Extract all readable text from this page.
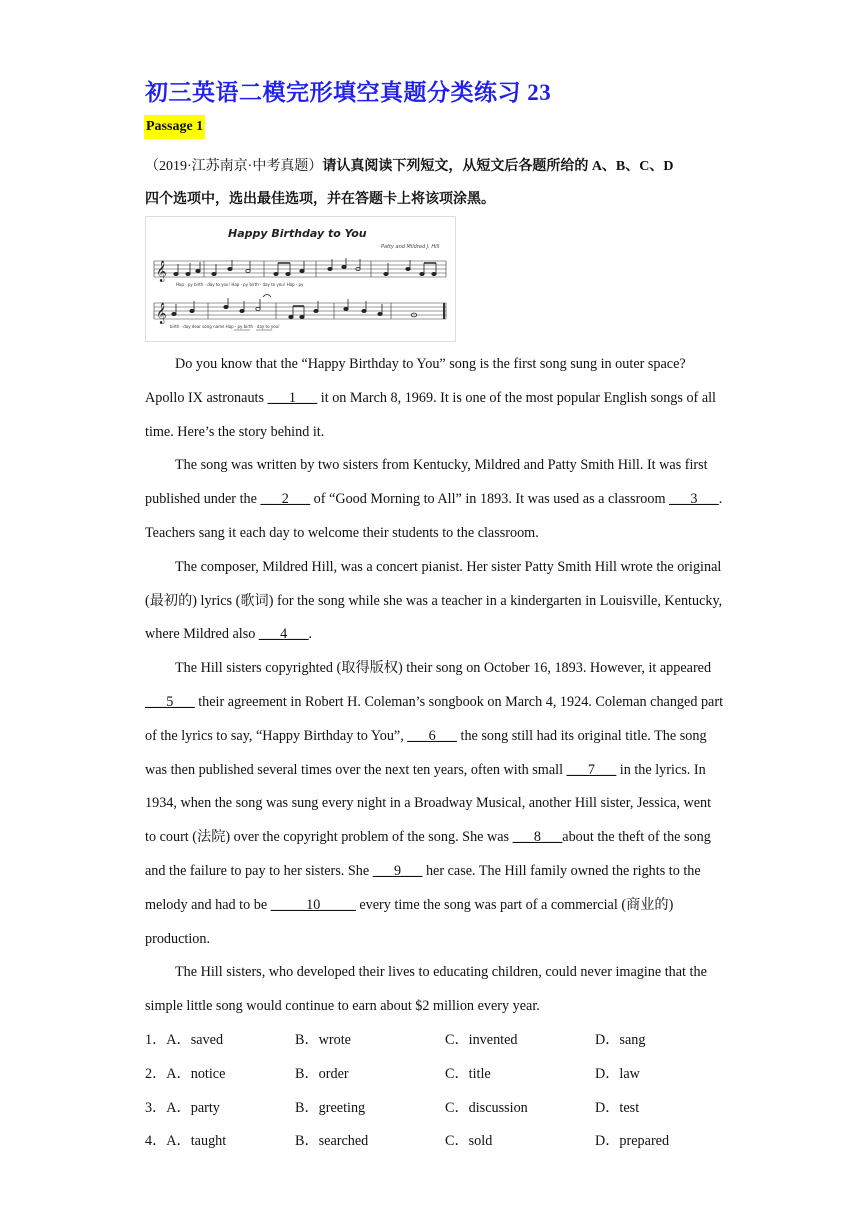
初三英语二模完形填空真题分类练习 23
Passage 1
（2019·江苏南京·中考真题）请认真阅读下列短文，从短文后各题所给的 A、B、C、D
四个选项中，选出最佳选项，并在答题卡上将该项涂黑。
Happy Birthday to You
Patty and Mildred J. Hill
𝄞
Hap · py birth · day to you! Hap · py birth · day to you! Hap · py
𝄞
birth · day dear song name Hap · py birth · day to you!

Do you know that the “Happy Birthday to You” song is the first song sung in outer space? Apollo IX astronauts ___1___ it on March 8, 1969. It is one of the most popular English songs of all time. Here’s the story behind it.

The song was written by two sisters from Kentucky, Mildred and Patty Smith Hill. It was first published under the ___2___ of “Good Morning to All” in 1893. It was used as a classroom ___3___. Teachers sang it each day to welcome their students to the classroom.

The composer, Mildred Hill, was a concert pianist. Her sister Patty Smith Hill wrote the original (最初的) lyrics (歌词) for the song while she was a teacher in a kindergarten in Louisville, Kentucky, where Mildred also ___4___.

The Hill sisters copyrighted (取得版权) their song on October 16, 1893. However, it appeared ___5___ their agreement in Robert H. Coleman’s songbook on March 4, 1924. Coleman changed part of the lyrics to say, “Happy Birthday to You”, ___6___ the song still had its original title. The song was then published several times over the next ten years, often with small ___7___ in the lyrics. In 1934, when the song was sung every night in a Broadway Musical, another Hill sister, Jessica, went to court (法院) over the copyright problem of the song. She was ___8___about the theft of the song and the failure to pay to her sisters. She ___9___ her case. The Hill family owned the rights to the melody and had to be _____10_____ every time the song was part of a commercial (商业的) production.

The Hill sisters, who developed their lives to educating children, could never imagine that the simple little song would continue to earn about $2 million every year.

1．A．saved	B．wrote	C．invented	D．sang
2．A．notice	B．order	C．title	D．law
3．A．party	B．greeting	C．discussion	D．test
4．A．taught	B．searched	C．sold	D．prepared
